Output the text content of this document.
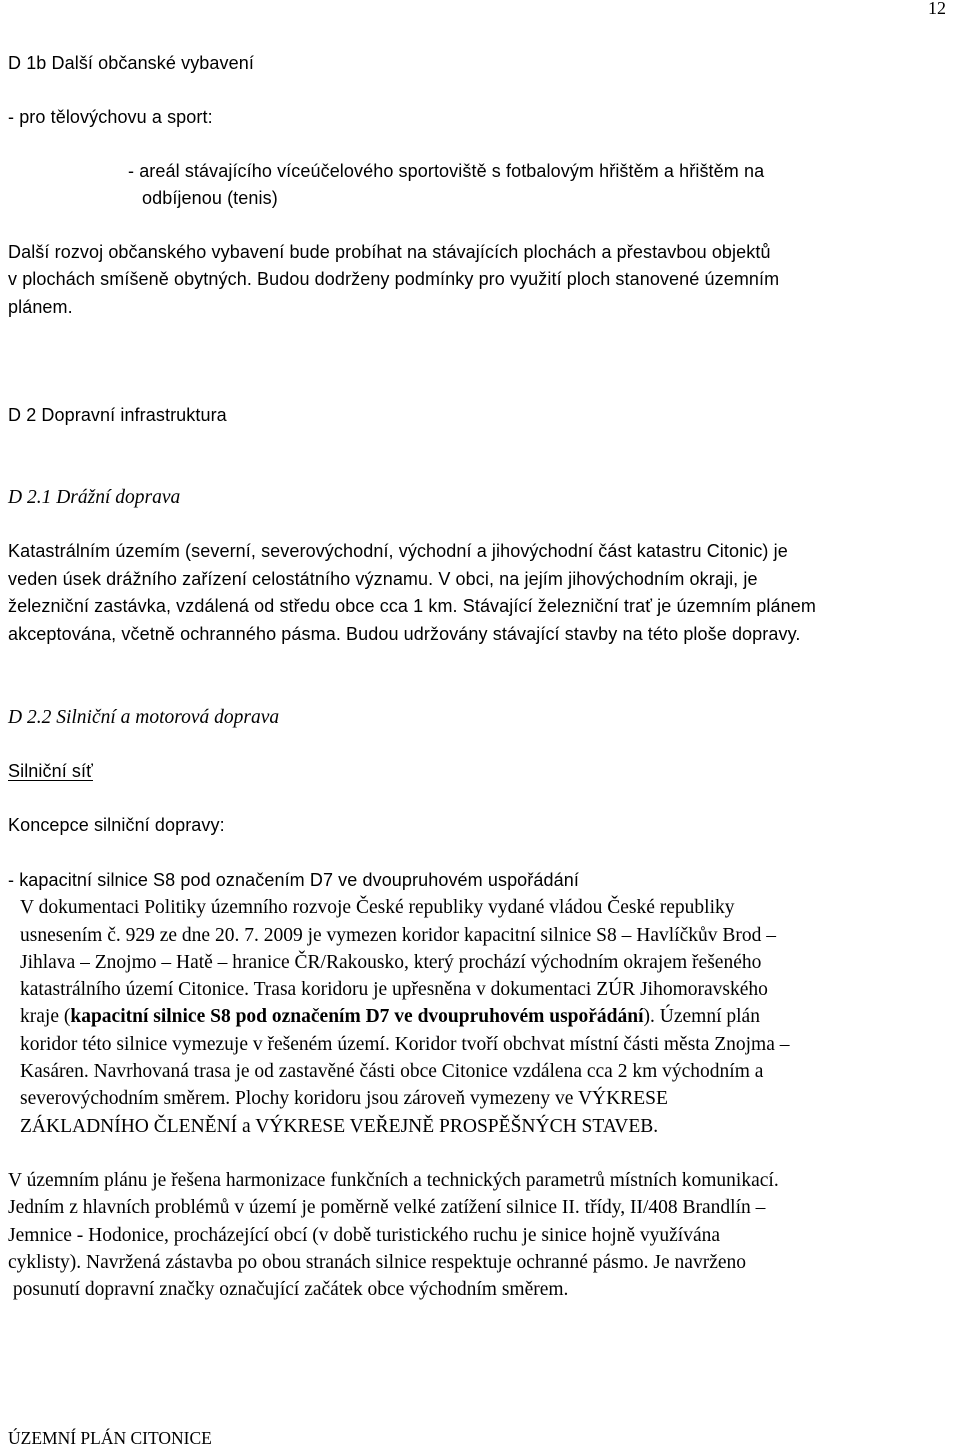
12
D 1b Další občanské vybavení
- pro tělovýchovu a sport:
- areál stávajícího víceúčelového sportoviště s fotbalovým hřištěm a hřištěm na
odbíjenou (tenis)
Další rozvoj občanského vybavení bude probíhat na stávajících plochách a přestavbou objektů
v plochách smíšeně obytných. Budou dodrženy podmínky pro využití ploch stanovené územním
plánem.
D 2 Dopravní infrastruktura
D 2.1 Drážní doprava
Katastrálním územím (severní, severovýchodní, východní a jihovýchodní část katastru Citonic) je
veden úsek drážního zařízení celostátního významu. V obci, na jejím jihovýchodním okraji, je
železniční zastávka, vzdálená od středu obce cca 1 km. Stávající železniční trať je územním plánem
akceptována, včetně ochranného pásma. Budou udržovány stávající stavby na této ploše dopravy.
D 2.2 Silniční a motorová doprava
Silniční síť
Koncepce silniční dopravy:
- kapacitní silnice S8 pod označením D7 ve dvoupruhovém uspořádání
V dokumentaci Politiky územního rozvoje České republiky vydané vládou České republiky
usnesením č. 929 ze dne 20. 7. 2009 je vymezen koridor kapacitní silnice S8 – Havlíčkův Brod –
Jihlava – Znojmo – Hatě – hranice ČR/Rakousko, který prochází východním okrajem řešeného
katastrálního území Citonice. Trasa koridoru je upřesněna v dokumentaci ZÚR Jihomoravského
kraje (kapacitní silnice S8 pod označením D7 ve dvoupruhovém uspořádání). Územní plán
koridor této silnice vymezuje v řešeném území. Koridor tvoří obchvat místní části města Znojma –
Kasáren. Navrhovaná trasa je od zastavěné části obce Citonice vzdálena cca 2 km východním a
severovýchodním směrem. Plochy koridoru jsou zároveň vymezeny ve VÝKRESE
ZÁKLADNÍHO ČLENĚNÍ a VÝKRESE VEŘEJNĚ PROSPĚŠNÝCH STAVEB.
V územním plánu je řešena harmonizace funkčních a technických parametrů místních komunikací.
Jedním z hlavních problémů v území je poměrně velké zatížení silnice II. třídy, II/408 Brandlín –
Jemnice - Hodonice, procházející obcí (v době turistického ruchu je sinice hojně využívána
cyklisty). Navržená zástavba po obou stranách silnice respektuje ochranné pásmo. Je navrženo
posunutí dopravní značky označující začátek obce východním směrem.
ÚZEMNÍ PLÁN CITONICE
